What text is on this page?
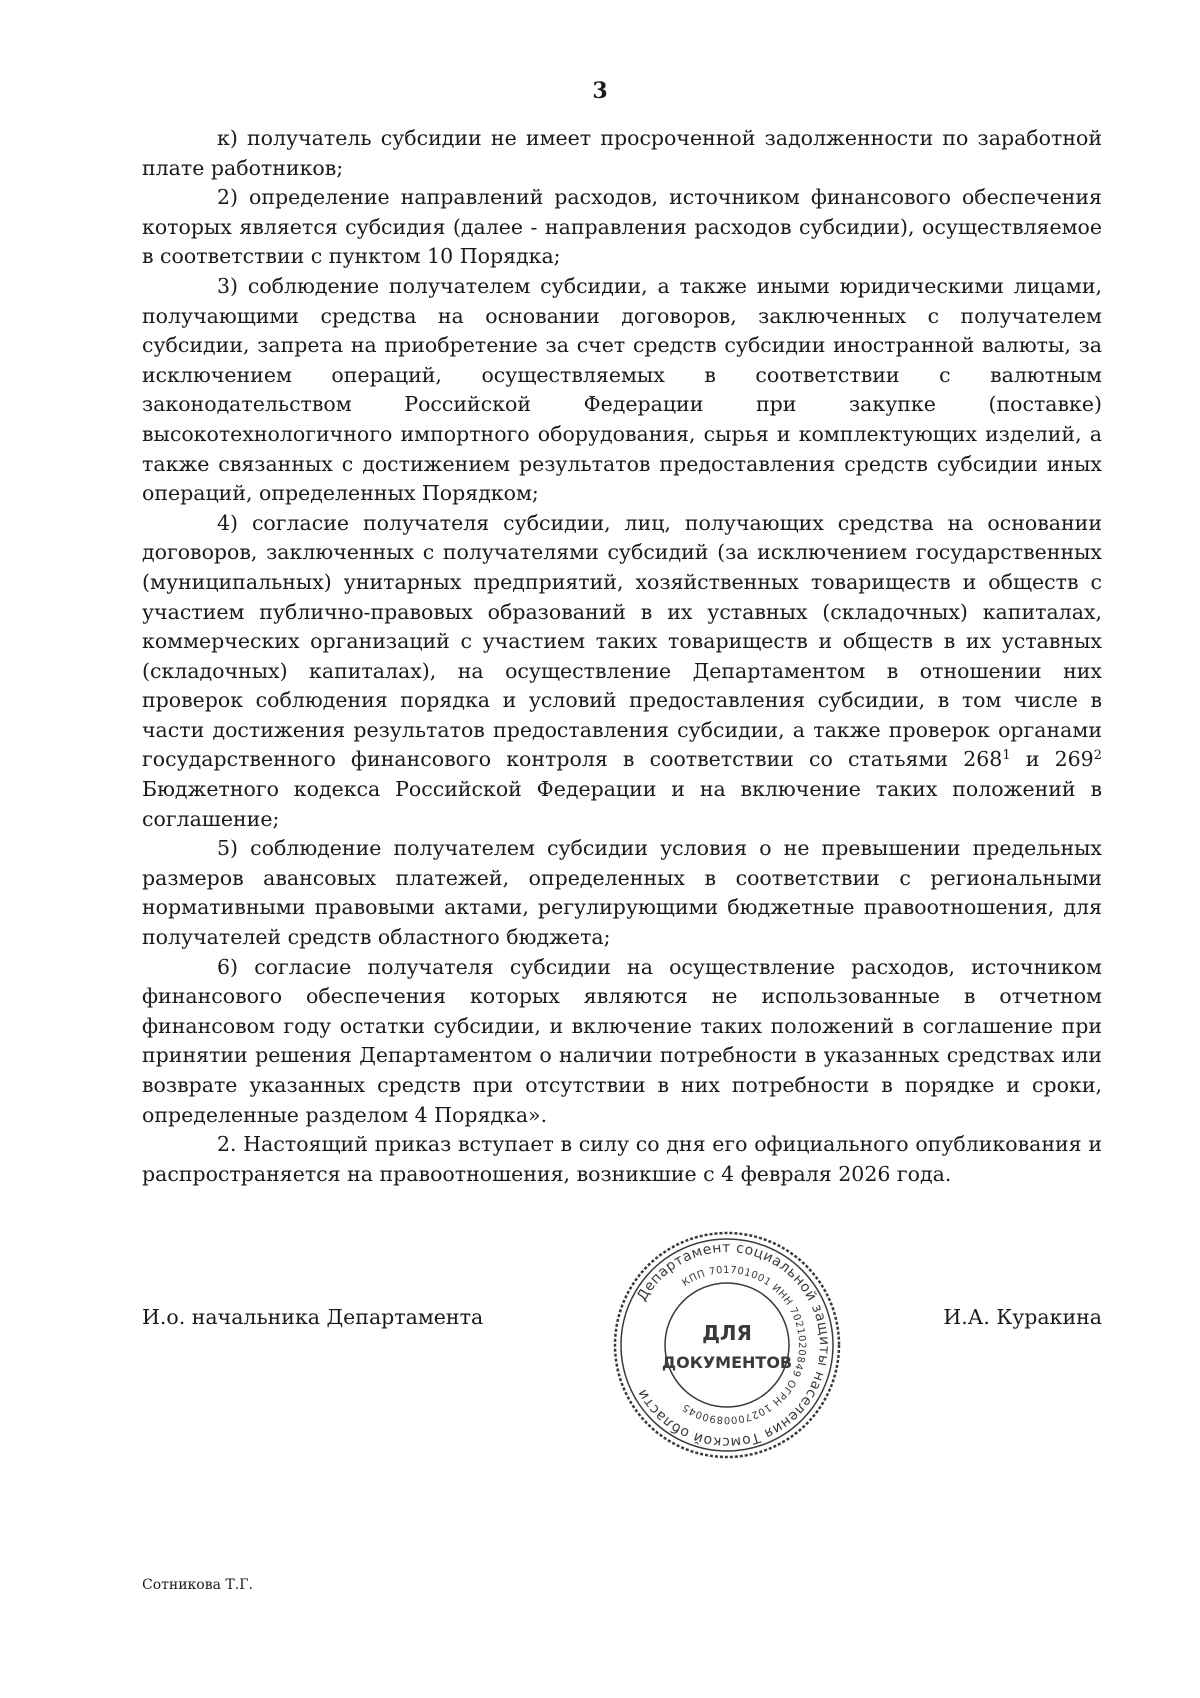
3

к) получатель субсидии не имеет просроченной задолженности по заработной плате работников;

2) определение направлений расходов, источником финансового обеспечения которых является субсидия (далее - направления расходов субсидии), осуществляемое в соответствии с пунктом 10 Порядка;

3) соблюдение получателем субсидии, а также иными юридическими лицами, получающими средства на основании договоров, заключенных с получателем субсидии, запрета на приобретение за счет средств субсидии иностранной валюты, за исключением операций, осуществляемых в соответствии с валютным законодательством Российской Федерации при закупке (поставке) высокотехнологичного импортного оборудования, сырья и комплектующих изделий, а также связанных с достижением результатов предоставления средств субсидии иных операций, определенных Порядком;

4) согласие получателя субсидии, лиц, получающих средства на основании договоров, заключенных с получателями субсидий (за исключением государственных (муниципальных) унитарных предприятий, хозяйственных товариществ и обществ с участием публично-правовых образований в их уставных (складочных) капиталах, коммерческих организаций с участием таких товариществ и обществ в их уставных (складочных) капиталах), на осуществление Департаментом в отношении них проверок соблюдения порядка и условий предоставления субсидии, в том числе в части достижения результатов предоставления субсидии, а также проверок органами государственного финансового контроля в соответствии со статьями $268^1$ и $269^2$ Бюджетного кодекса Российской Федерации и на включение таких положений в соглашение;

5) соблюдение получателем субсидии условия о не превышении предельных размеров авансовых платежей, определенных в соответствии с региональными нормативными правовыми актами, регулирующими бюджетные правоотношения, для получателей средств областного бюджета;

6) согласие получателя субсидии на осуществление расходов, источником финансового обеспечения которых являются не использованные в отчетном финансовом году остатки субсидии, и включение таких положений в соглашение при принятии решения Департаментом о наличии потребности в указанных средствах или возврате указанных средств при отсутствии в них потребности в порядке и сроки, определенные разделом 4 Порядка».

2. Настоящий приказ вступает в силу со дня его официального опубликования и распространяется на правоотношения, возникшие с 4 февраля 2026 года.

И.о. начальника Департамента	И.А. Куракина
Департамент социальной защиты населения Томской области
КПП 701701001 ИНН 7021020849 ОГРН 1027000890045
ДЛЯ
ДОКУМЕНТОВ
Сотникова Т.Г.
